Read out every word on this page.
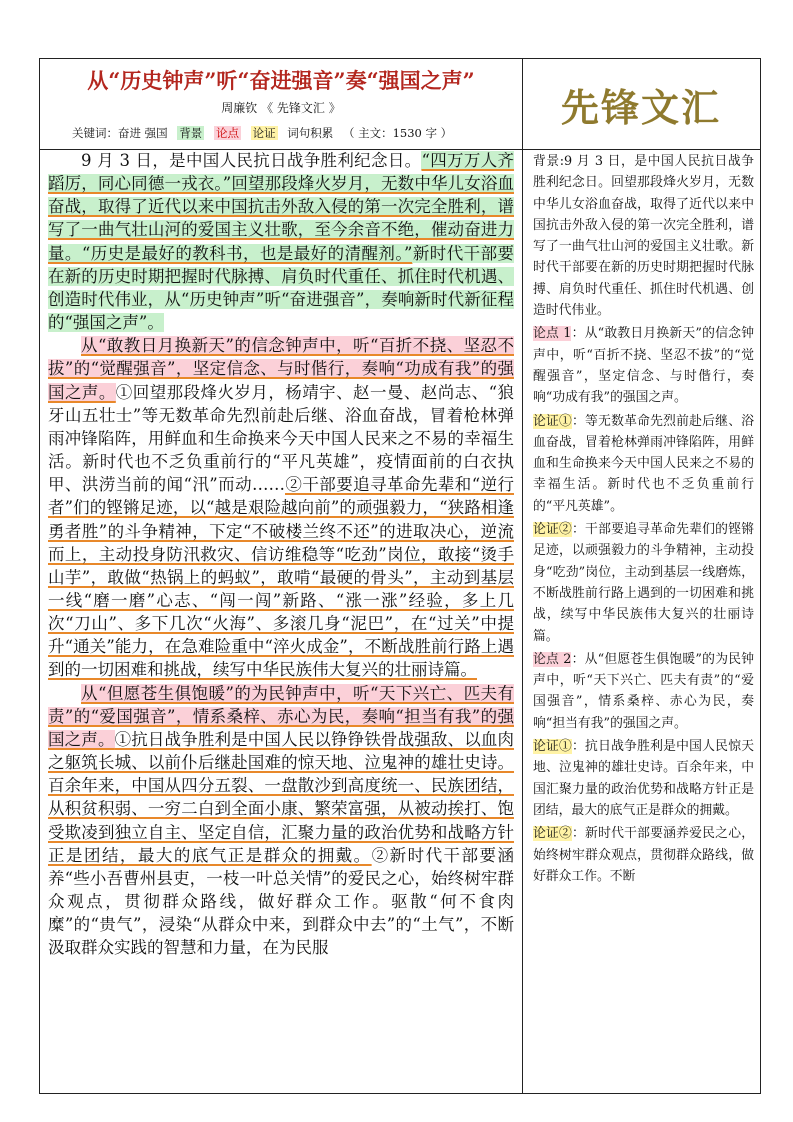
从“历史钟声”听“奋进强音”奏“强国之声”
周廉钦 《 先锋文汇 》
关键词：奋进 强国 背景 论点 论证 词句积累 （ 主文：1530 字 ）
先锋文汇

9 月 3 日，是中国人民抗日战争胜利纪念日。“四万万人齐蹈厉，同心同德一戎衣。”回望那段烽火岁月，无数中华儿女浴血奋战，取得了近代以来中国抗击外敌入侵的第一次完全胜利，谱写了一曲气壮山河的爱国主义壮歌，至今余音不绝，催动奋进力量。“历史是最好的教科书，也是最好的清醒剂。”新时代干部要在新的历史时期把握时代脉搏、肩负时代重任、抓住时代机遇、创造时代伟业，从“历史钟声”听“奋进强音”，奏响新时代新征程的“强国之声”。

从“敢教日月换新天”的信念钟声中，听“百折不挠、坚忍不拔”的“觉醒强音”，坚定信念、与时偕行，奏响“功成有我”的强国之声。①回望那段烽火岁月，杨靖宇、赵一曼、赵尚志、“狼牙山五壮士”等无数革命先烈前赴后继、浴血奋战，冒着枪林弹雨冲锋陷阵，用鲜血和生命换来今天中国人民来之不易的幸福生活。新时代也不乏负重前行的“平凡英雄”，疫情面前的白衣执甲、洪涝当前的闻“汛”而动……②干部要追寻革命先辈和“逆行者”们的铿锵足迹，以“越是艰险越向前”的顽强毅力，“狭路相逢勇者胜”的斗争精神，下定“不破楼兰终不还”的进取决心，逆流而上，主动投身防汛救灾、信访维稳等“吃劲”岗位，敢接“烫手山芋”，敢做“热锅上的蚂蚁”，敢啃“最硬的骨头”，主动到基层一线“磨一磨”心志、“闯一闯”新路、“涨一涨”经验，多上几次“刀山”、多下几次“火海”、多滚几身“泥巴”，在“过关”中提升“通关”能力，在急难险重中“淬火成金”，不断战胜前行路上遇到的一切困难和挑战，续写中华民族伟大复兴的壮丽诗篇。

从“但愿苍生俱饱暖”的为民钟声中，听“天下兴亡、匹夫有责”的“爱国强音”，情系桑梓、赤心为民，奏响“担当有我”的强国之声。①抗日战争胜利是中国人民以铮铮铁骨战强敌、以血肉之躯筑长城、以前仆后继赴国难的惊天地、泣鬼神的雄壮史诗。百余年来，中国从四分五裂、一盘散沙到高度统一、民族团结，从积贫积弱、一穷二白到全面小康、繁荣富强，从被动挨打、饱受欺凌到独立自主、坚定自信，汇聚力量的政治优势和战略方针正是团结，最大的底气正是群众的拥戴。②新时代干部要涵养“些小吾曹州县吏，一枝一叶总关情”的爱民之心，始终树牢群众观点，贯彻群众路线，做好群众工作。驱散“何不食肉糜”的“贵气”，浸染“从群众中来，到群众中去”的“土气”，不断汲取群众实践的智慧和力量，在为民服

背景:9 月 3 日，是中国人民抗日战争胜利纪念日。回望那段烽火岁月，无数中华儿女浴血奋战，取得了近代以来中国抗击外敌入侵的第一次完全胜利，谱写了一曲气壮山河的爱国主义壮歌。新时代干部要在新的历史时期把握时代脉搏、肩负时代重任、抓住时代机遇、创造时代伟业。
论点 1：从“敢教日月换新天”的信念钟声中，听“百折不挠、坚忍不拔”的“觉醒强音”，坚定信念、与时偕行，奏响“功成有我”的强国之声。
论证①：等无数革命先烈前赴后继、浴血奋战，冒着枪林弹雨冲锋陷阵，用鲜血和生命换来今天中国人民来之不易的幸福生活。新时代也不乏负重前行的“平凡英雄”。
论证②：干部要追寻革命先辈们的铿锵足迹，以顽强毅力的斗争精神，主动投身“吃劲”岗位，主动到基层一线磨炼，不断战胜前行路上遇到的一切困难和挑战，续写中华民族伟大复兴的壮丽诗篇。
论点 2：从“但愿苍生俱饱暖”的为民钟声中，听“天下兴亡、匹夫有责”的“爱国强音”，情系桑梓、赤心为民，奏响“担当有我”的强国之声。
论证①：抗日战争胜利是中国人民惊天地、泣鬼神的雄壮史诗。百余年来，中国汇聚力量的政治优势和战略方针正是团结，最大的底气正是群众的拥戴。
论证②：新时代干部要涵养爱民之心，始终树牢群众观点，贯彻群众路线，做好群众工作。不断
